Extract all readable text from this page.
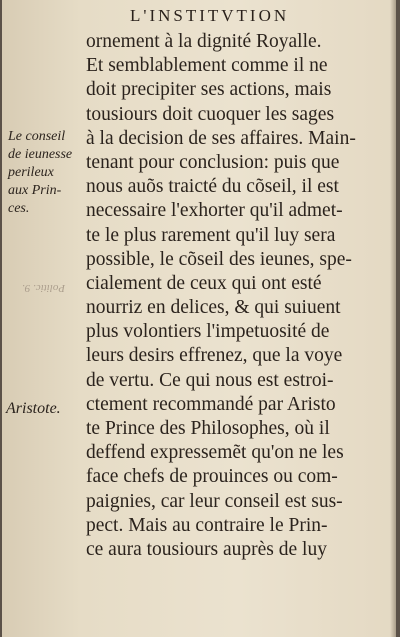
L'INSTITVTION
ornement à la dignité Royalle.
Et semblablement comme il ne
doit precipiter ses actions, mais
tousiours doit cuoquer les sages
à la decision de ses affaires. Main-
tenant pour conclusion: puis que
nous auõs traicté du cõseil, il est
necessaire l'exhorter qu'il admet-
te le plus rarement qu'il luy sera
possible, le cõseil des ieunes, spe-
cialement de ceux qui ont esté
nourriz en delices, & qui suiuent
plus volontiers l'impetuosité de
leurs desirs effrenez, que la voye
de vertu. Ce qui nous est estroi-
ctement recommandé par Aristo
te Prince des Philosophes, où il
deffend expressemẽt qu'on ne les
face chefs de prouinces ou com-
paignies, car leur conseil est sus-
pect. Mais au contraire le Prin-
ce aura tousiours auprès de luy
Le conseil
de ieunesse
perileux
aux Prin-
ces.
Politic. 9.
Aristote.
